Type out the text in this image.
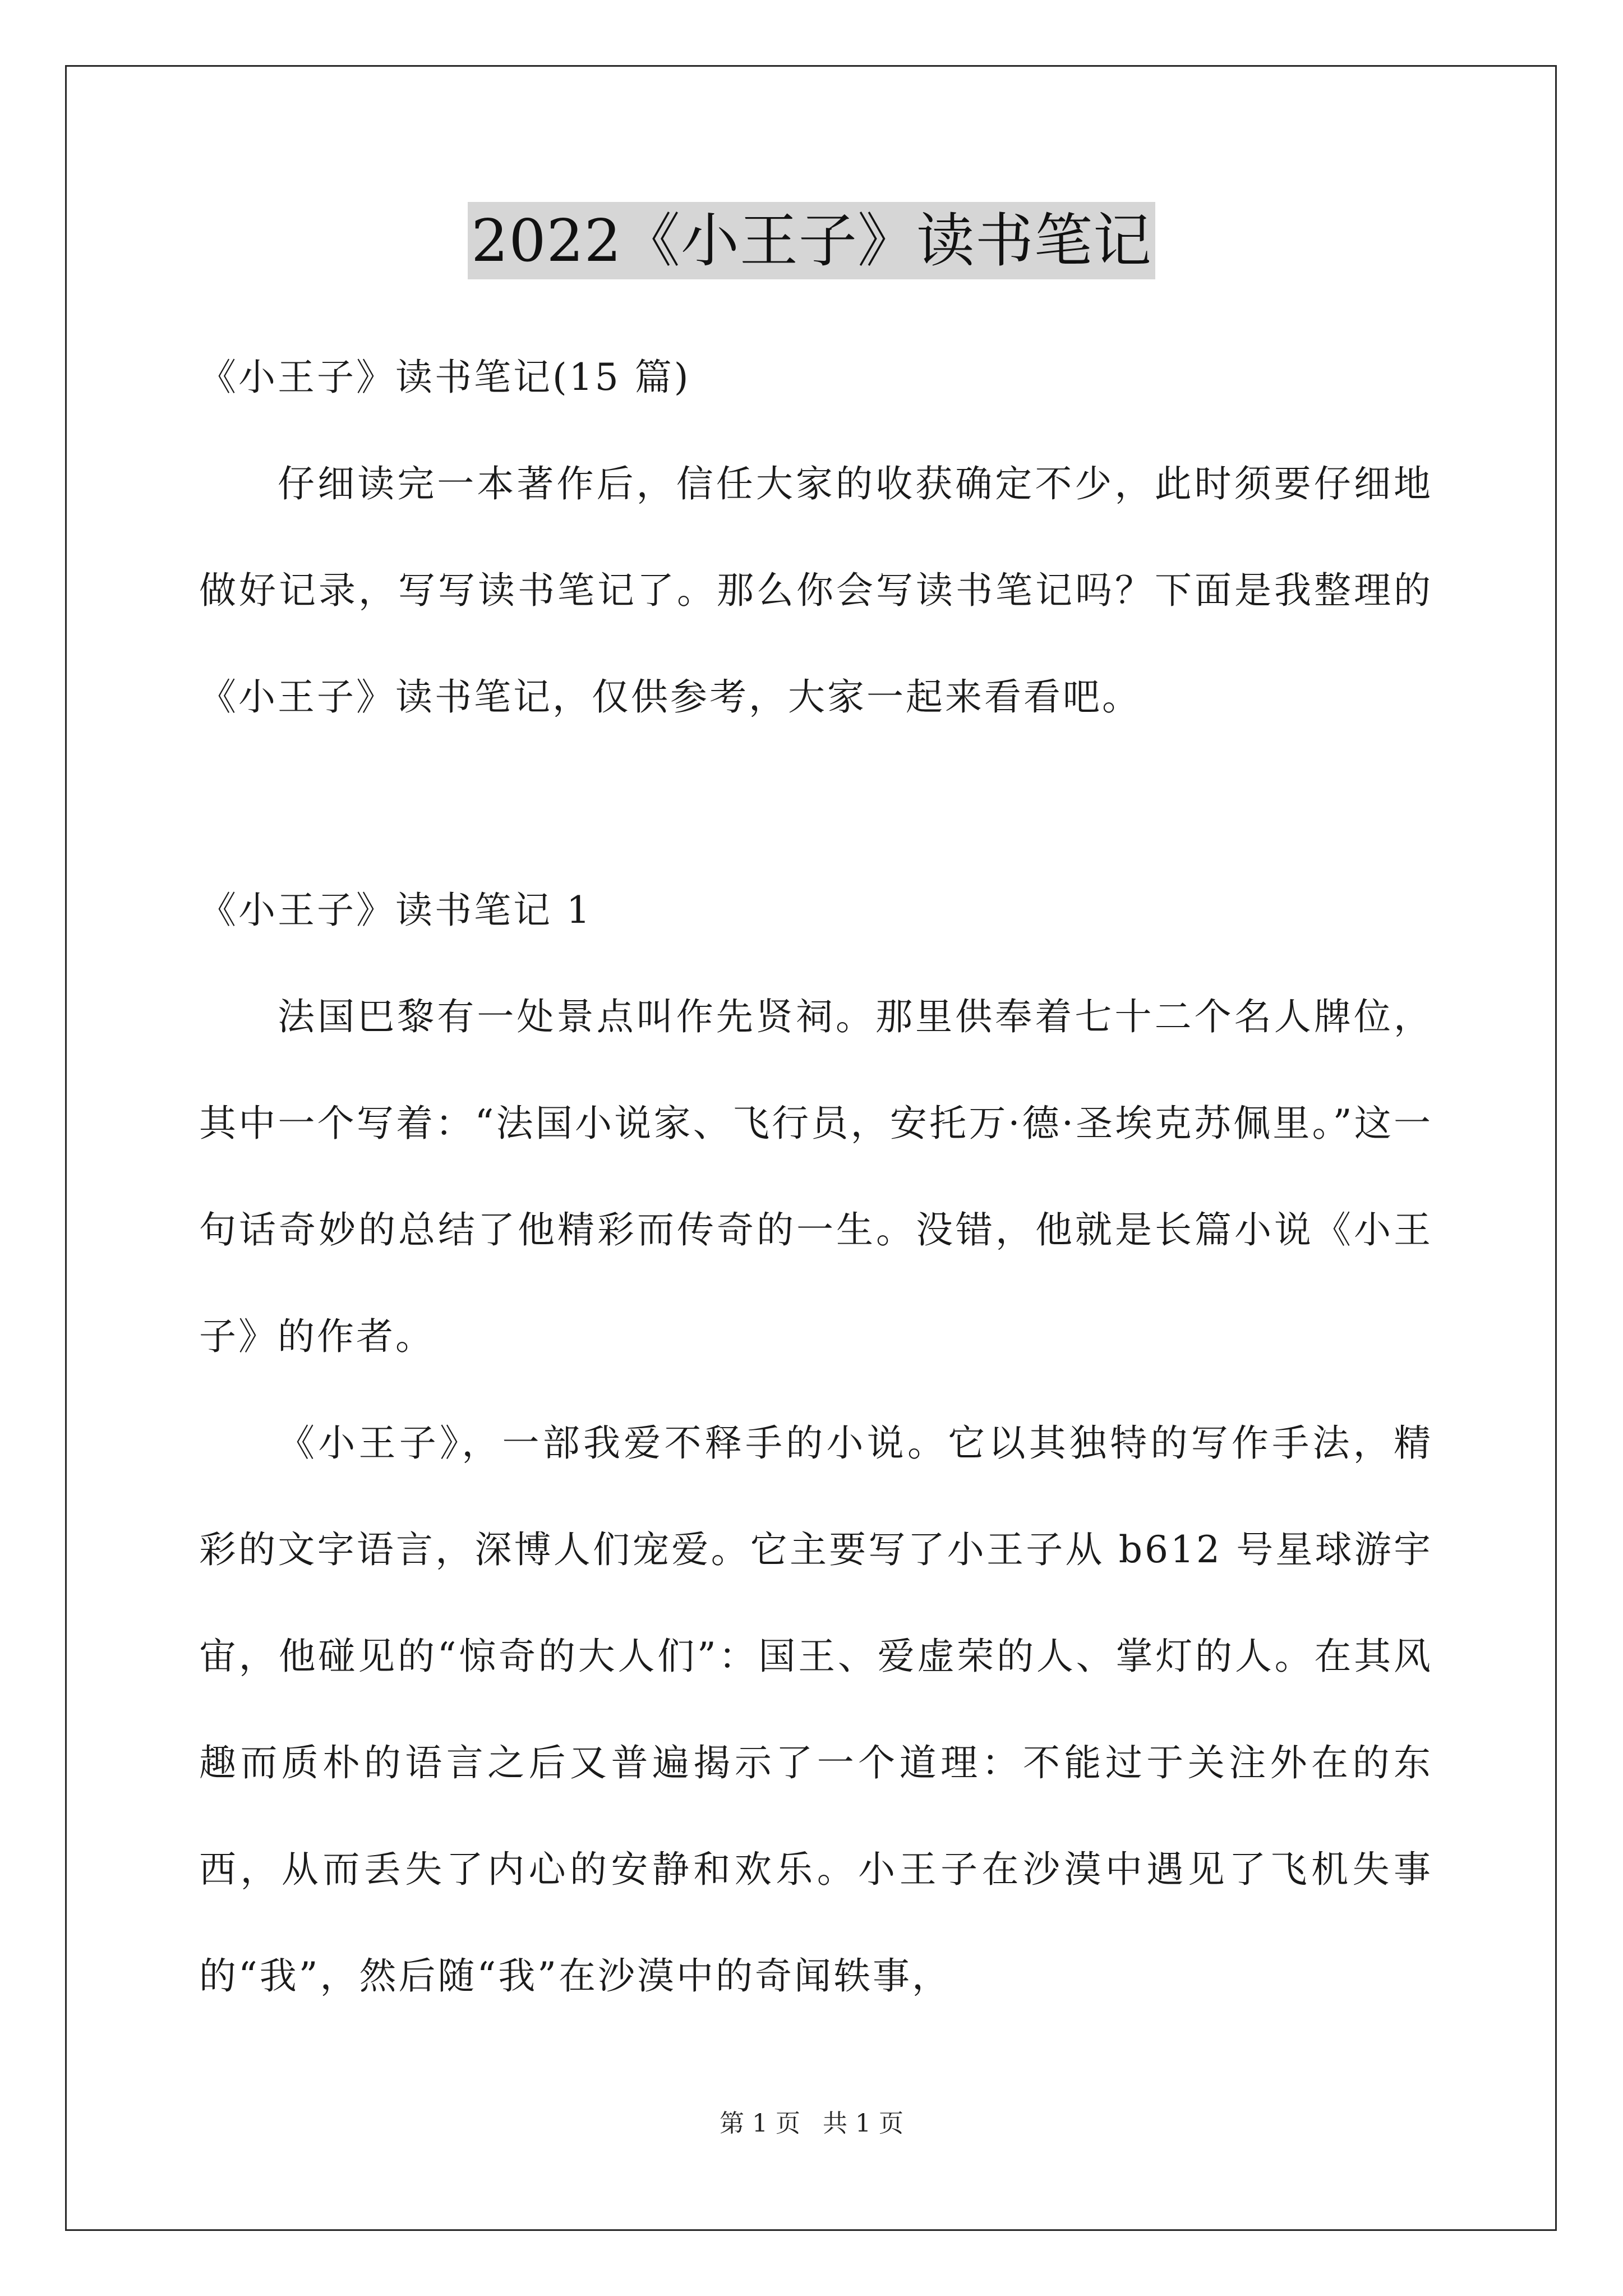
2022《小王子》读书笔记

《小王子》读书笔记(15 篇)

仔细读完一本著作后，信任大家的收获确定不少，此时须要仔细地做好记录，写写读书笔记了。那么你会写读书笔记吗？下面是我整理的《小王子》读书笔记，仅供参考，大家一起来看看吧。

《小王子》读书笔记 1

法国巴黎有一处景点叫作先贤祠。那里供奉着七十二个名人牌位，其中一个写着：“法国小说家、飞行员，安托万·德·圣埃克苏佩里。”这一句话奇妙的总结了他精彩而传奇的一生。没错，他就是长篇小说《小王子》的作者。

《小王子》，一部我爱不释手的小说。它以其独特的写作手法，精彩的文字语言，深博人们宠爱。它主要写了小王子从 b612 号星球游宇宙，他碰见的“惊奇的大人们”：国王、爱虚荣的人、掌灯的人。在其风趣而质朴的语言之后又普遍揭示了一个道理：不能过于关注外在的东西，从而丢失了内心的安静和欢乐。小王子在沙漠中遇见了飞机失事的“我”，然后随“我”在沙漠中的奇闻轶事，

第 1 页 共 1 页
